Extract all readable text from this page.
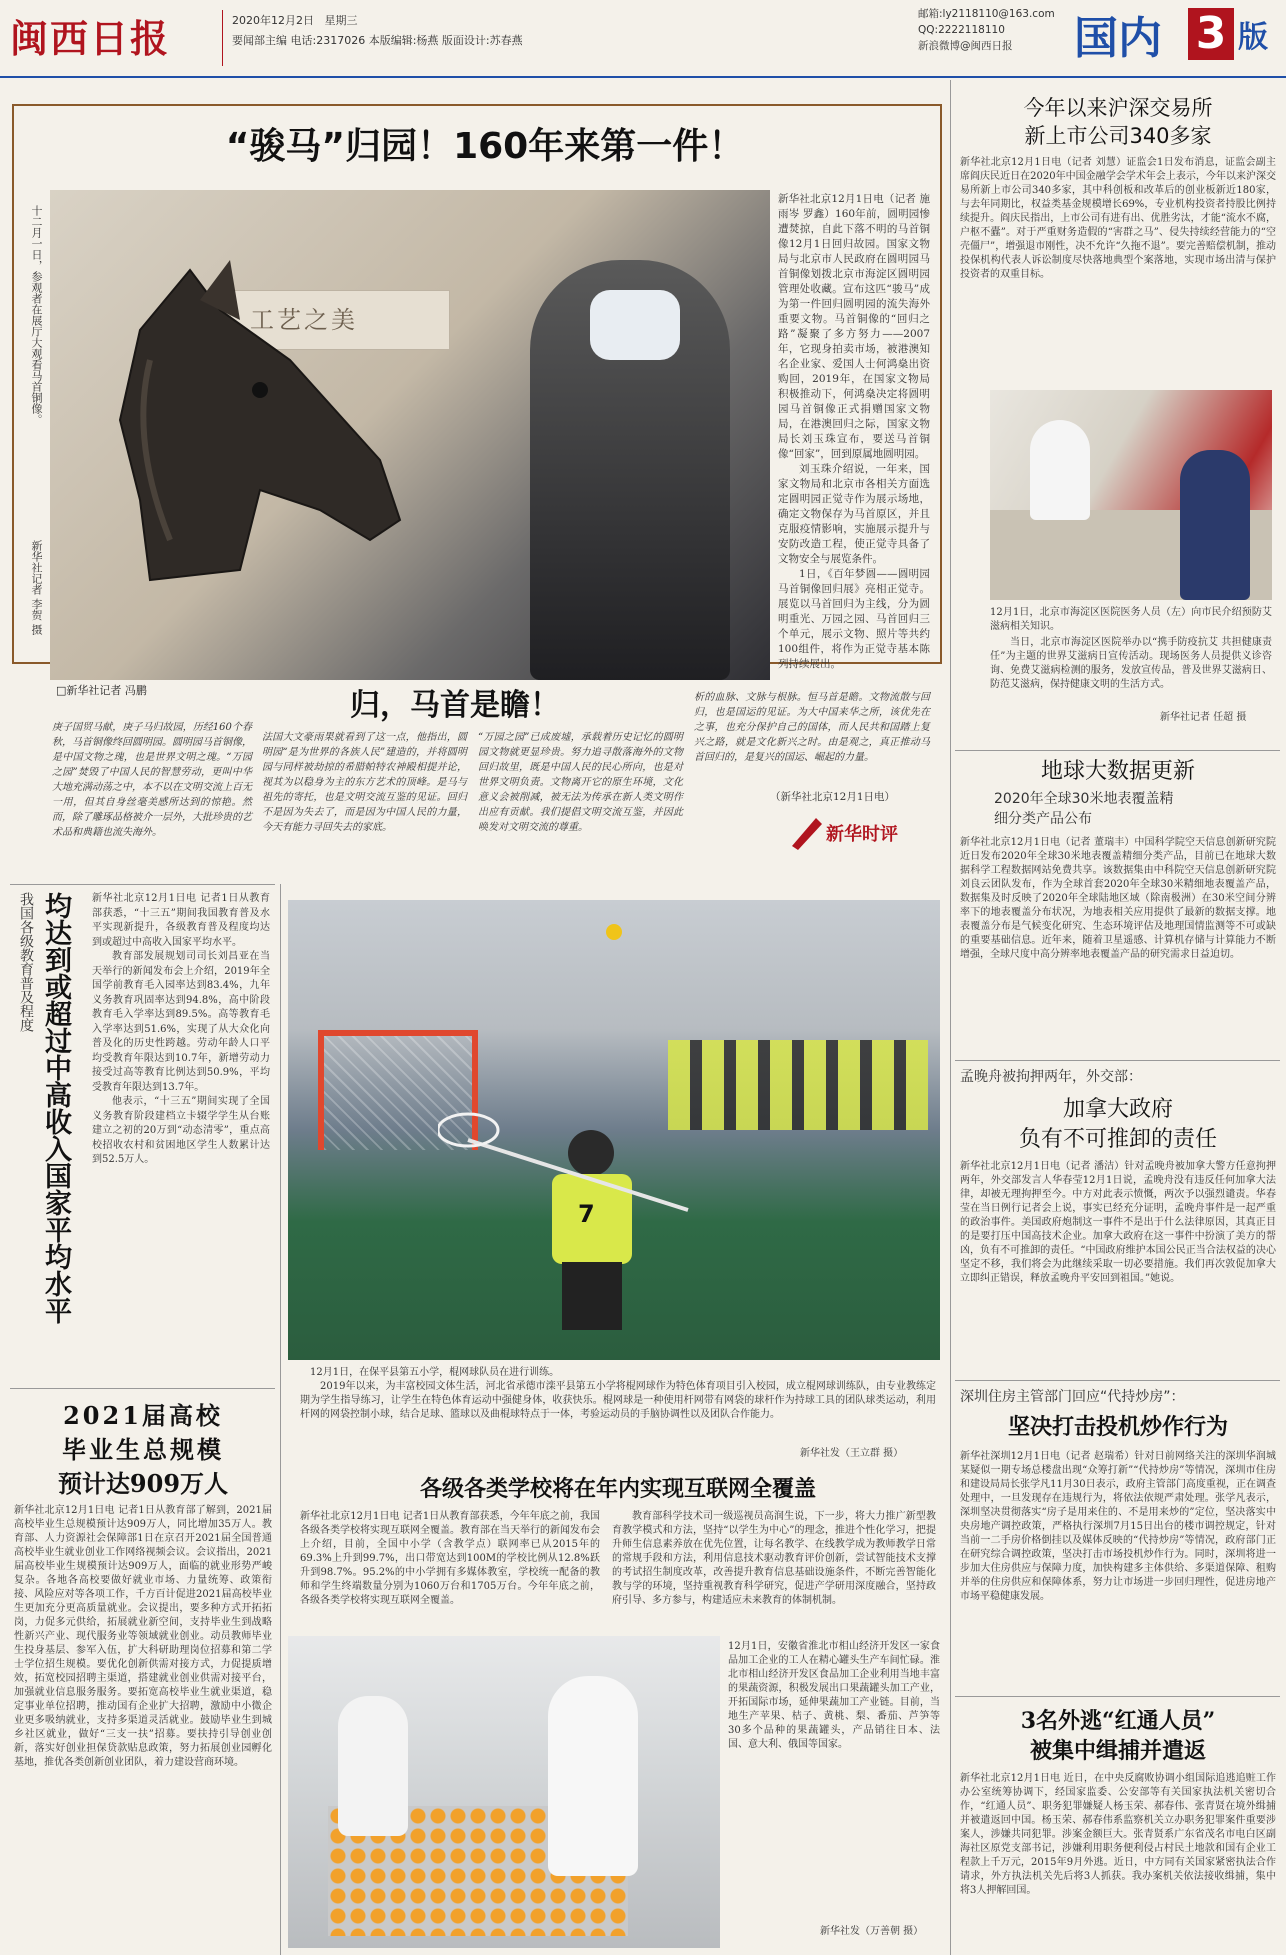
闽西日报	2020年12月2日 星期三
要闻部主编 电话:2317026 本版编辑:杨燕 版面设计:苏春燕
邮箱:ly2118110@163.com
QQ:2222118110
新浪微博@闽西日报	国内 3 版
“骏马”归园！160年来第一件！
十二月一日，参观者在展厅大观看马首铜像。
新华社记者 李贺 摄
工艺之美
□新华社记者 冯鹏

新华社北京12月1日电（记者 施雨岑 罗鑫）160年前，圆明园惨遭焚掠，自此下落不明的马首铜像12月1日回归故园。国家文物局与北京市人民政府在圆明园马首铜像划拨北京市海淀区圆明园管理处收藏。宣布这匹“骏马”成为第一件回归圆明园的流失海外重要文物。马首铜像的“回归之路”凝聚了多方努力——2007年，它现身拍卖市场，被港澳知名企业家、爱国人士何鸿燊出资购回，2019年，在国家文物局积极推动下，何鸿燊决定将圆明园马首铜像正式捐赠国家文物局，在港澳回归之际，国家文物局长刘玉珠宣布，要送马首铜像“回家”，回到原属地圆明园。

刘玉珠介绍说，一年来，国家文物局和北京市各相关方面选定圆明园正觉寺作为展示场地，确定文物保存为马首原区，并且克服疫情影响，实施展示提升与安防改造工程，使正觉寺具备了文物安全与展览条件。

1日，《百年梦圆——圆明园马首铜像回归展》亮相正觉寺。展览以马首回归为主线，分为圆明重光、万园之园、马首回归三个单元，展示文物、照片等共约100组件，将作为正觉寺基本陈列持续展出。

归，马首是瞻！
庚子国贸马献，庚子马归故园，历经160个春秋，马首铜像终回圆明园。圆明园马首铜像，是中国文物之瑰，也是世界文明之瑰。“万园之园”焚毁了中国人民的智慧劳动，更叫中华大地充满动荡之中，本不以在文明交流上百无一用，但其自身丝毫美感所达到的惊艳。然而，除了雕琢品格被介一层外，大批珍贵的艺术品和典籍也流失海外。
法国大文豪雨果就看到了这一点，他指出，圆明园“是为世界的各族人民”建造的，并将圆明园与同样被劫掠的希腊帕特农神殿相提并论，视其为以稳身为主的东方艺术的顶峰。是马与祖先的寄托，也是文明交流互鉴的见证。回归不是因为失去了，而是因为中国人民的力量，今天有能力寻回失去的家底。
“万园之园”已成废墟，承载着历史记忆的圆明园文物就更显珍贵。努力追寻散落海外的文物回归故里，既是中国人民的民心所向，也是对世界文明负责。文物离开它的原生环境，文化意义会被削减，被无法为传承在新人类文明作出应有贡献。我们提倡文明交流互鉴，并因此唤发对文明交流的尊重。
析的血脉、文脉与根脉。恒马首是瞻。文物流散与回归，也是国运的见证。为大中国来华之所，该优先在之事，也充分保护自己的国体，而人民共和国踏上复兴之路，就是文化新兴之时。由是观之，真正推动马首回归的，是复兴的国运、崛起的力量。
（新华社北京12月1日电）
新华时评
今年以来沪深交易所
新上市公司340多家
新华社北京12月1日电（记者 刘慧）证监会1日发布消息，证监会副主席阎庆民近日在2020年中国金融学会学术年会上表示，今年以来沪深交易所新上市公司340多家，其中科创板和改革后的创业板新近180家，与去年同期比，权益类基金规模增长69%，专业机构投资者持股比例持续提升。阎庆民指出，上市公司有进有出、优胜劣汰，才能“流水不腐，户枢不蠹”。对于严重财务造假的“害群之马”、侵失持续经营能力的“空壳僵尸”，增强退市刚性，决不允许“久拖不退”。要完善赔偿机制，推动投保机构代表人诉讼制度尽快落地典型个案落地，实现市场出清与保护投资者的双重目标。
12月1日，北京市海淀区医院医务人员（左）向市民介绍预防艾滋病相关知识。
当日，北京市海淀区医院举办以“携手防疫抗艾 共担健康责任”为主题的世界艾滋病日宣传活动。现场医务人员提供义诊咨询、免费艾滋病检测的服务，发放宣传品，普及世界艾滋病日、防范艾滋病，保持健康文明的生活方式。
新华社记者 任超 摄
地球大数据更新
2020年全球30米地表覆盖精
细分类产品公布
新华社北京12月1日电（记者 董瑞丰）中国科学院空天信息创新研究院近日发布2020年全球30米地表覆盖精细分类产品，目前已在地球大数据科学工程数据网站免费共享。该数据集由中科院空天信息创新研究院刘良云团队发布，作为全球首套2020年全球30米精细地表覆盖产品，数据集及时反映了2020年全球陆地区域（除南极洲）在30米空间分辨率下的地表覆盖分布状况，为地表相关应用提供了最新的数据支撑。地表覆盖分布是气候变化研究、生态环境评估及地理国情监测等不可或缺的重要基础信息。近年来，随着卫星遥感、计算机存储与计算能力不断增强，全球尺度中高分辨率地表覆盖产品的研究需求日益迫切。
孟晚舟被拘押两年，外交部：
加拿大政府
负有不可推卸的责任
新华社北京12月1日电（记者 潘洁）针对孟晚舟被加拿大警方任意拘押两年，外交部发言人华春莹12月1日说，孟晚舟没有违反任何加拿大法律，却被无理拘押至今。中方对此表示愤慨，两次予以强烈谴责。华春莹在当日例行记者会上说，事实已经充分证明，孟晚舟事件是一起严重的政治事件。美国政府炮制这一事件不是出于什么法律原因，其真正目的是要打压中国高技术企业。加拿大政府在这一事件中扮演了美方的帮凶，负有不可推卸的责任。“中国政府维护本国公民正当合法权益的决心坚定不移，我们将会为此继续采取一切必要措施。我们再次敦促加拿大立即纠正错误，释放孟晚舟平安回到祖国。”她说。
深圳住房主管部门回应“代持炒房”：
坚决打击投机炒作行为
新华社深圳12月1日电（记者 赵瑞希）针对日前网络关注的深圳华润城某疑似一期专场总楼盘出现“众筹打新”“代持炒房”等情况，深圳市住房和建设局局长张学凡11月30日表示，政府主管部门高度重视，正在调查处理中，一旦发现存在违规行为，将依法依规严肃处理。张学凡表示，深圳坚决贯彻落实“房子是用来住的、不是用来炒的”定位，坚决落实中央房地产调控政策，严格执行深圳7月15日出台的楼市调控规定，针对当前一二手房价格倒挂以及媒体反映的“代持炒房”等情况，政府部门正在研究综合调控政策，坚决打击市场投机炒作行为。同时，深圳将进一步加大住房供应与保障力度，加快构建多主体供给、多渠道保障、租购并举的住房供应和保障体系，努力让市场进一步回归理性，促进房地产市场平稳健康发展。
3名外逃“红通人员”
被集中缉捕并遣返
新华社北京12月1日电 近日，在中央反腐败协调小组国际追逃追赃工作办公室统筹协调下，经国家监委、公安部等有关国家执法机关密切合作，“红通人员”、职务犯罪嫌疑人杨玉荣、郝春伟、张青贤在境外缉捕并被遣返回中国。杨玉荣、郝春伟系监察机关立办职务犯罪案件重要涉案人，涉嫌共同犯罪。涉案金额巨大。张青贤系广东省茂名市电白区副海社区原党支部书记，涉嫌利用职务便利侵占村民土地款和国有企业工程款上千万元，2015年9月外逃。近日，中方同有关国家紧密执法合作请求，外方执法机关先后将3人抓获。我办案机关依法接收缉捕，集中将3人押解回国。
我国各级教育普及程度 均达到或超过中高收入国家平均水平 新华社北京12月1日电 记者1日从教育部获悉，“十三五”期间我国教育普及水平实现新提升，各级教育普及程度均达到或超过中高收入国家平均水平。

教育部发展规划司司长刘昌亚在当天举行的新闻发布会上介绍，2019年全国学前教育毛入园率达到83.4%，九年义务教育巩固率达到94.8%，高中阶段教育毛入学率达到89.5%。高等教育毛入学率达到51.6%，实现了从大众化向普及化的历史性跨越。劳动年龄人口平均受教育年限达到10.7年，新增劳动力接受过高等教育比例达到50.9%，平均受教育年限达到13.7年。

他表示，“十三五”期间实现了全国义务教育阶段建档立卡辍学学生从台账建立之初的20万到“动态清零”，重点高校招收农村和贫困地区学生人数累计达到52.5万人。

2021届高校
毕业生总规模
预计达909万人
新华社北京12月1日电 记者1日从教育部了解到，2021届高校毕业生总规模预计达909万人，同比增加35万人。教育部、人力资源社会保障部1日在京召开2021届全国普通高校毕业生就业创业工作网络视频会议。会议指出，2021届高校毕业生规模预计达909万人，面临的就业形势严峻复杂。各地各高校要做好就业市场、力量统筹、政策衔接、风险应对等各项工作，千方百计促进2021届高校毕业生更加充分更高质量就业。会议提出，要多种方式开拓拓岗，力促多元供给，拓展就业新空间，支持毕业生到战略性新兴产业、现代服务业等领域就业创业。动员教师毕业生投身基层、参军入伍，扩大科研助理岗位招募和第二学士学位招生规模。要优化创新供需对接方式，力促提质增效，拓宽校园招聘主渠道，搭建就业创业供需对接平台，加强就业信息服务服务。要拓宽高校毕业生就业渠道，稳定事业单位招聘，推动国有企业扩大招聘，激励中小微企业更多吸纳就业，支持多渠道灵活就业。鼓励毕业生到城乡社区就业，做好“三支一扶”招募。要扶持引导创业创新，落实好创业担保贷款贴息政策，努力拓展创业园孵化基地，推优各类创新创业团队，着力建设营商环境。
7

12月1日，在保平县第五小学，棍网球队员在进行训练。

2019年以来，为丰富校园文体生活，河北省承德市滦平县第五小学将棍网球作为特色体育项目引入校园，成立棍网球训练队，由专业教练定期为学生指导练习，让学生在特色体育运动中强健身体，收获快乐。棍网球是一种使用杆网带有网袋的球杆作为持球工具的团队球类运动，利用杆网的网袋控制小球，结合足球、篮球以及曲棍球特点于一体，考验运动员的手脑协调性以及团队合作能力。

新华社发（王立群 摄）
各级各类学校将在年内实现互联网全覆盖
新华社北京12月1日电 记者1日从教育部获悉，今年年底之前，我国各级各类学校将实现互联网全覆盖。教育部在当天举行的新闻发布会上介绍，目前，全国中小学（含教学点）联网率已从2015年的69.3%上升到99.7%，出口带宽达到100M的学校比例从12.8%跃升到98.7%。95.2%的中小学拥有多媒体教室，学校统一配备的教师和学生终端数量分别为1060万台和1705万台。今年年底之前，各级各类学校将实现互联网全覆盖。
教育部科学技术司一级巡视员高润生说，下一步，将大力推广新型教育教学模式和方法，坚持“以学生为中心”的理念，推进个性化学习，把提升师生信息素养放在优先位置，让每名教学、在线教学成为教师教学日常的常规手段和方法，利用信息技术驱动教育评价创新，尝试智能技术支撑的考试招生制度改革，改善提升教育信息基础设施条件，不断完善智能化教与学的环境，坚持重视教育科学研究，促进产学研用深度融合，坚持政府引导、多方参与，构建适应未来教育的体制机制。
12月1日，安徽省淮北市相山经济开发区一家食品加工企业的工人在精心罐头生产车间忙碌。淮北市相山经济开发区食品加工企业利用当地丰富的果蔬资源，积极发展出口果蔬罐头加工产业，开拓国际市场，延伸果蔬加工产业链。目前，当地生产苹果、桔子、黄桃、梨、番茄、芦笋等30多个品种的果蔬罐头，产品销往日本、法国、意大利、俄国等国家。
新华社发（万善朝 摄）
